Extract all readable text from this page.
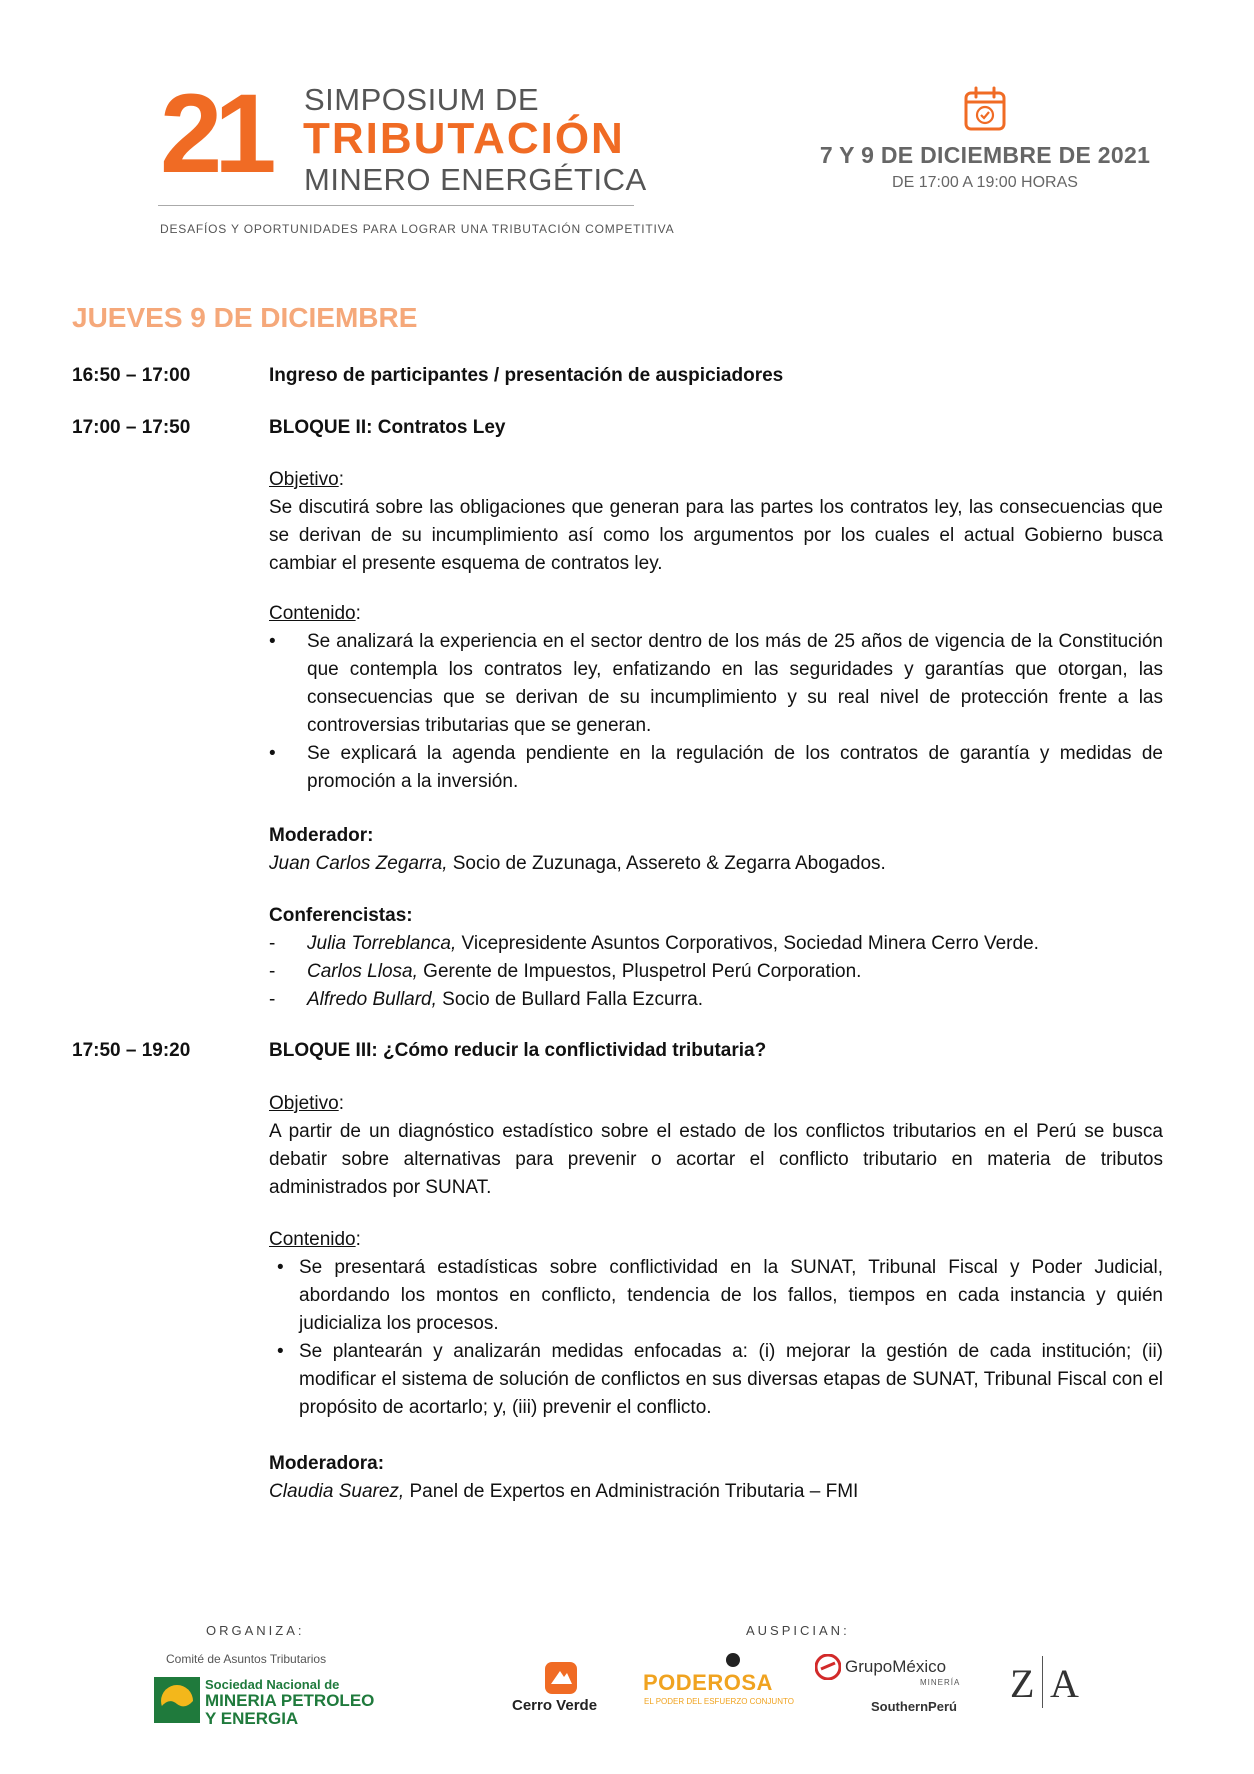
21 SIMPOSIUM DE
TRIBUTACIÓN
MINERO ENERGÉTICA
DESAFÍOS Y OPORTUNIDADES PARA LOGRAR UNA TRIBUTACIÓN COMPETITIVA
7 Y 9 DE DICIEMBRE DE 2021
DE 17:00 A 19:00 HORAS
JUEVES 9 DE DICIEMBRE
16:50 – 17:00	Ingreso de participantes / presentación de auspiciadores
17:00 – 17:50	BLOQUE II: Contratos Ley
Objetivo:
Se discutirá sobre las obligaciones que generan para las partes los contratos ley, las consecuencias que se derivan de su incumplimiento así como los argumentos por los cuales el actual Gobierno busca cambiar el presente esquema de contratos ley.
Contenido:
• Se analizará la experiencia en el sector dentro de los más de 25 años de vigencia de la Constitución que contempla los contratos ley, enfatizando en las seguridades y garantías que otorgan, las consecuencias que se derivan de su incumplimiento y su real nivel de protección frente a las controversias tributarias que se generan.
• Se explicará la agenda pendiente en la regulación de los contratos de garantía y medidas de promoción a la inversión.
Moderador:
Juan Carlos Zegarra, Socio de Zuzunaga, Assereto & Zegarra Abogados.
Conferencistas:
- Julia Torreblanca, Vicepresidente Asuntos Corporativos, Sociedad Minera Cerro Verde.
- Carlos Llosa, Gerente de Impuestos, Pluspetrol Perú Corporation.
- Alfredo Bullard, Socio de Bullard Falla Ezcurra.
17:50 – 19:20	BLOQUE III: ¿Cómo reducir la conflictividad tributaria?
Objetivo:
A partir de un diagnóstico estadístico sobre el estado de los conflictos tributarios en el Perú se busca debatir sobre alternativas para prevenir o acortar el conflicto tributario en materia de tributos administrados por SUNAT.
Contenido:
• Se presentará estadísticas sobre conflictividad en la SUNAT, Tribunal Fiscal y Poder Judicial, abordando los montos en conflicto, tendencia de los fallos, tiempos en cada instancia y quién judicializa los procesos.
• Se plantearán y analizarán medidas enfocadas a: (i) mejorar la gestión de cada institución; (ii) modificar el sistema de solución de conflictos en sus diversas etapas de SUNAT, Tribunal Fiscal con el propósito de acortarlo; y, (iii) prevenir el conflicto.
Moderadora:
Claudia Suarez, Panel de Expertos en Administración Tributaria – FMI
ORGANIZA:	AUSPICIAN:
Comité de Asuntos Tributarios
Sociedad Nacional de
MINERIA PETROLEO
Y ENERGIA
Cerro Verde
PODEROSA
EL PODER DEL ESFUERZO CONJUNTO
GrupoMéxico
MINERÍA
SouthernPerú
Z A
